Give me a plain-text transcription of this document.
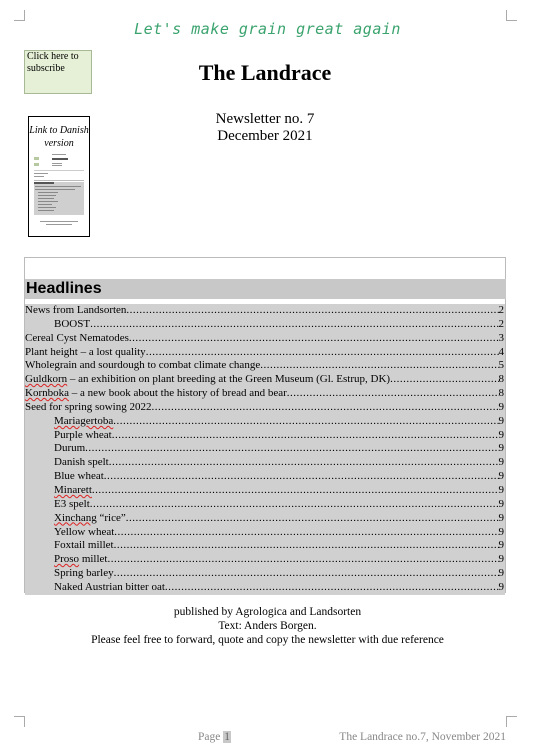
Let's make grain great again
Click here to subscribe	The Landrace
Newsletter no. 7
December 2021
Link to Danish version
Headlines
News from Landsorten .....	2
BOOST .....	2
Cereal Cyst Nematodes .....	3
Plant height – a lost quality .....	4
Wholegrain and sourdough to combat climate change .....	5
Guldkorn – an exhibition on plant breeding at the Green Museum (Gl. Estrup, DK) .....	8
Kornboka – a new book about the history of bread and bear .....	8
Seed for spring sowing 2022 .....	9
Mariagertoba .....	9
Purple wheat .....	9
Durum .....	9
Danish spelt .....	9
Blue wheat .....	9
Minarett .....	9
E3 spelt .....	9
Xinchang “rice” .....	9
Yellow wheat .....	9
Foxtail millet .....	9
Proso millet .....	9
Spring barley .....	9
Naked Austrian bitter oat .....	9
published by Agrologica and Landsorten
Text: Anders Borgen.
Please feel free to forward, quote and copy the newsletter with due reference
Page 1	The Landrace no.7, November 2021
